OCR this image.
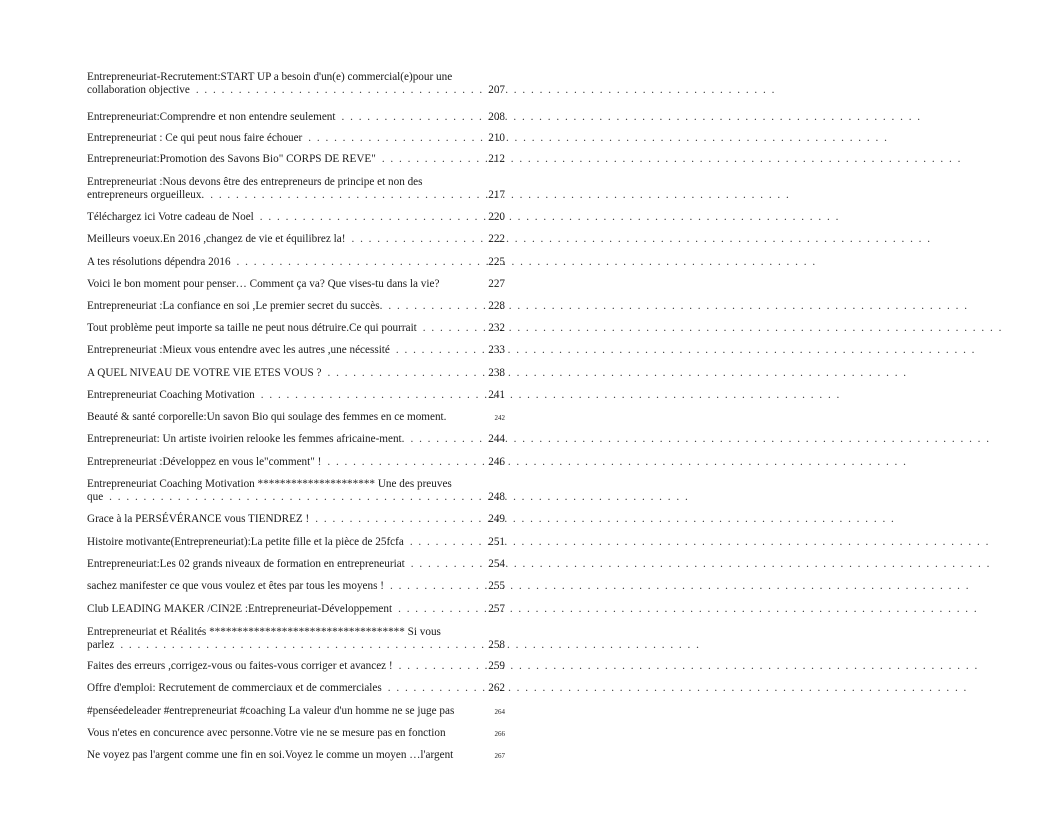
Entrepreneuriat-Recrutement:START UP a besoin d'un(e) commercial(e)pour une
collaboration objective . . .	207
Entrepreneuriat:Comprendre et non entendre seulement . . .	208
Entrepreneuriat : Ce qui peut nous faire échouer . . .	210
Entrepreneuriat:Promotion des Savons Bio" CORPS DE REVE" . . .	212
Entrepreneuriat :Nous devons être des entrepreneurs de principe et non des
entrepreneurs orgueilleux. . . .	217
Téléchargez ici Votre cadeau de Noel . . .	220
Meilleurs voeux.En 2016 ,changez de vie et équilibrez la! . . .	222
A tes résolutions dépendra 2016 . . .	225
Voici le bon moment pour penser… Comment ça va? Que vises-tu dans la vie?	227
Entrepreneuriat :La confiance en soi ,Le premier secret du succès. . . .	228
Tout problème peut importe sa taille ne peut nous détruire.Ce qui pourrait . . .	232
Entrepreneuriat :Mieux vous entendre avec les autres ,une nécessité . . .	233
A QUEL NIVEAU DE VOTRE VIE ETES VOUS ? . . .	238
Entrepreneuriat Coaching Motivation . . .	241
Beauté & santé corporelle:Un savon Bio qui soulage des femmes en ce moment.	242
Entrepreneuriat: Un artiste ivoirien relooke les femmes africaine-ment. . . .	244
Entrepreneuriat :Développez en vous le"comment" ! . . .	246
Entrepreneuriat Coaching Motivation ********************* Une des preuves
que . . .	248
Grace à la PERSÉVÉRANCE vous TIENDREZ ! . . .	249
Histoire motivante(Entrepreneuriat):La petite fille et la pièce de 25fcfa . . .	251
Entrepreneuriat:Les 02 grands niveaux de formation en entrepreneuriat . . .	254
sachez manifester ce que vous voulez et êtes par tous les moyens ! . . .	255
Club LEADING MAKER /CIN2E :Entrepreneuriat-Développement . . .	257
Entrepreneuriat et Réalités *********************************** Si vous
parlez . . .	258
Faites des erreurs ,corrigez-vous ou faites-vous corriger et avancez ! . . .	259
Offre d'emploi: Recrutement de commerciaux et de commerciales . . .	262
#penséedeleader #entrepreneuriat #coaching La valeur d'un homme ne se juge pas	264
Vous n'etes en concurence avec personne.Votre vie ne se mesure pas en fonction	266
Ne voyez pas l'argent comme une fin en soi.Voyez le comme un moyen …l'argent	267
